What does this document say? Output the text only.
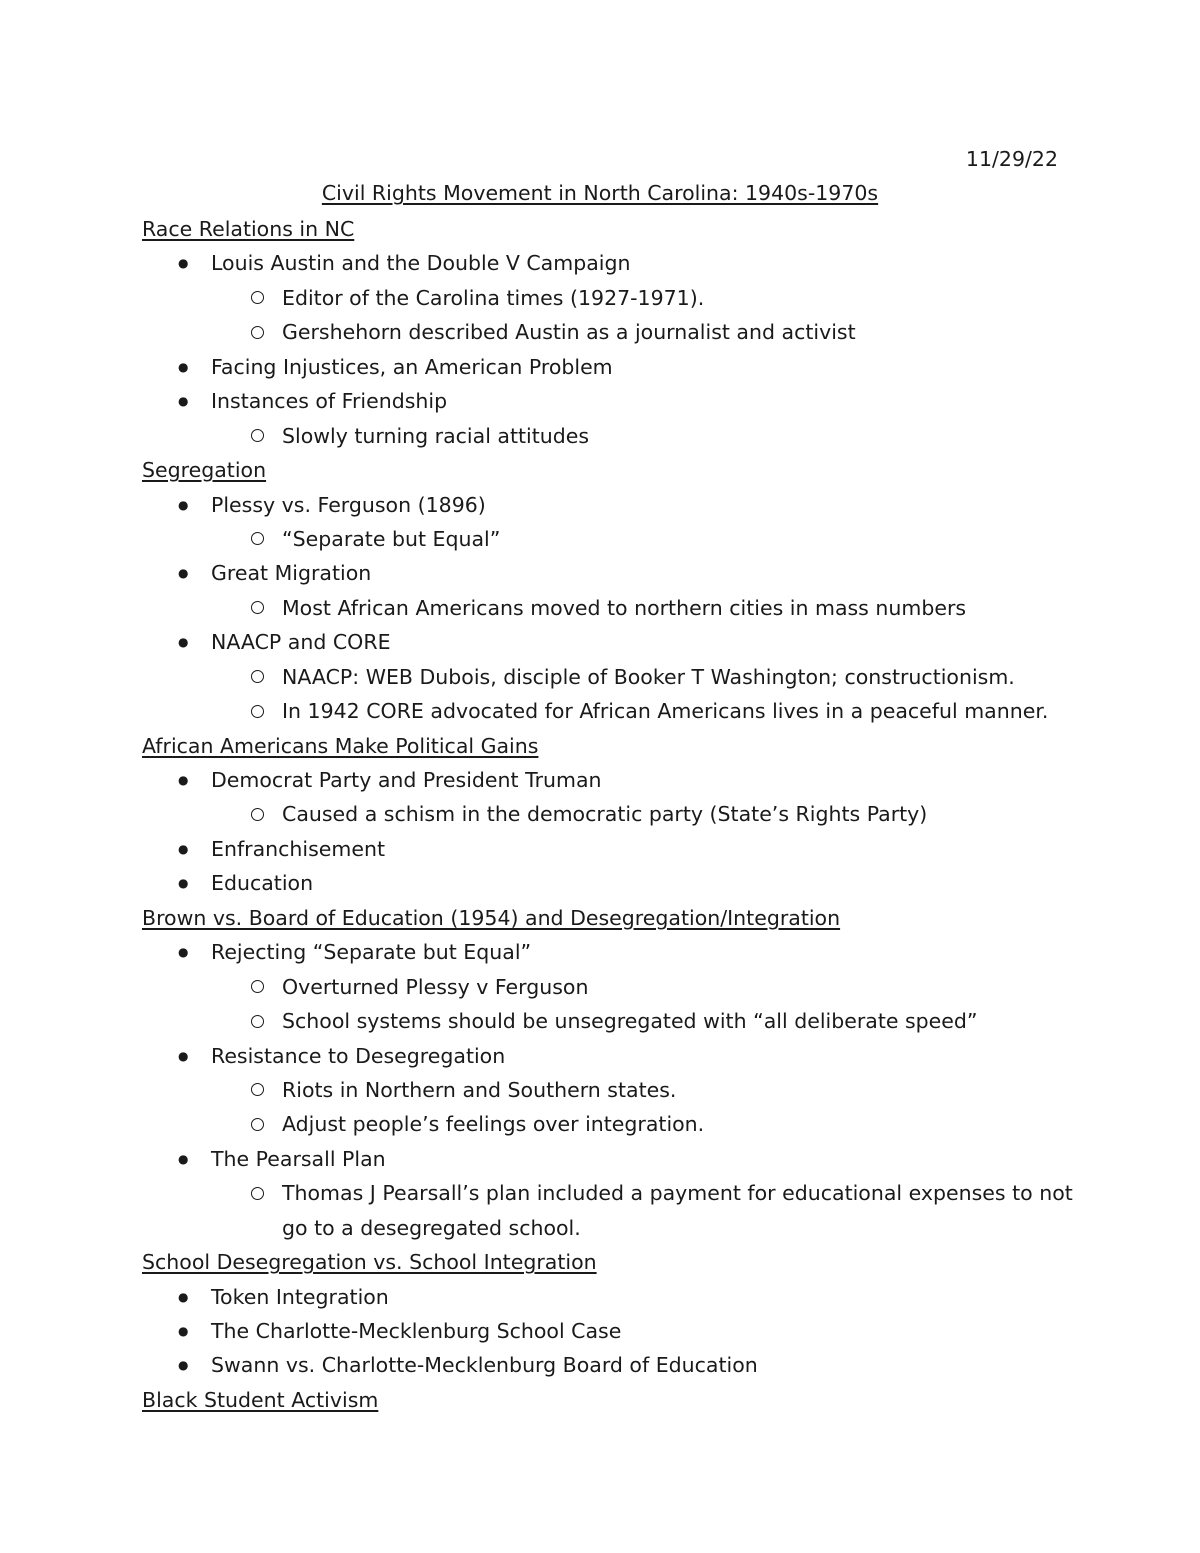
11/29/22
Civil Rights Movement in North Carolina: 1940s-1970s
Race Relations in NC
● Louis Austin and the Double V Campaign
Editor of the Carolina times (1927-1971).
Gershehorn described Austin as a journalist and activist
● Facing Injustices, an American Problem
● Instances of Friendship
Slowly turning racial attitudes
Segregation
● Plessy vs. Ferguson (1896)
“Separate but Equal”
● Great Migration
Most African Americans moved to northern cities in mass numbers
● NAACP and CORE
NAACP: WEB Dubois, disciple of Booker T Washington; constructionism.
In 1942 CORE advocated for African Americans lives in a peaceful manner.
African Americans Make Political Gains
● Democrat Party and President Truman
Caused a schism in the democratic party (State’s Rights Party)
● Enfranchisement
● Education
Brown vs. Board of Education (1954) and Desegregation/Integration
● Rejecting “Separate but Equal”
Overturned Plessy v Ferguson
School systems should be unsegregated with “all deliberate speed”
● Resistance to Desegregation
Riots in Northern and Southern states.
Adjust people’s feelings over integration.
● The Pearsall Plan
Thomas J Pearsall’s plan included a payment for educational expenses to not
go to a desegregated school.
School Desegregation vs. School Integration
● Token Integration
● The Charlotte-Mecklenburg School Case
● Swann vs. Charlotte-Mecklenburg Board of Education
Black Student Activism
